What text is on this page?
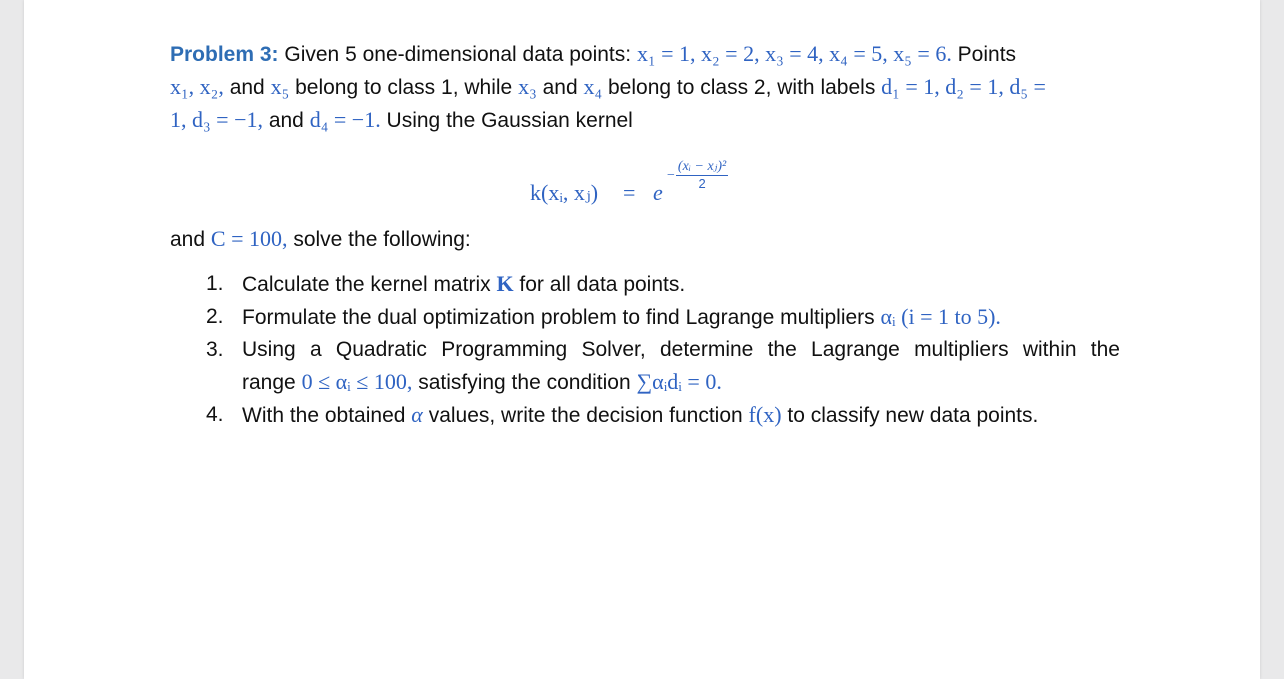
Problem 3: Given 5 one-dimensional data points: x₁ = 1, x₂ = 2, x₃ = 4, x₄ = 5, x₅ = 6. Points
x₁, x₂, and x₅ belong to class 1, while x₃ and x₄ belong to class 2, with labels d₁ = 1, d₂ = 1, d₅ =
1, d₃ = −1, and d₄ = −1. Using the Gaussian kernel

k(xᵢ, xⱼ) = e
− $\frac{\text{(xᵢ − xⱼ)²}}{2}$

and C = 100, solve the following:

1. Calculate the kernel matrix K for all data points.
2. Formulate the dual optimization problem to find Lagrange multipliers αᵢ (i = 1 to 5).
3. Using a Quadratic Programming Solver, determine the Lagrange multipliers within the
range 0 ≤ αᵢ ≤ 100, satisfying the condition ∑αᵢdᵢ = 0.
4. With the obtained α values, write the decision function f(x) to classify new data points.
